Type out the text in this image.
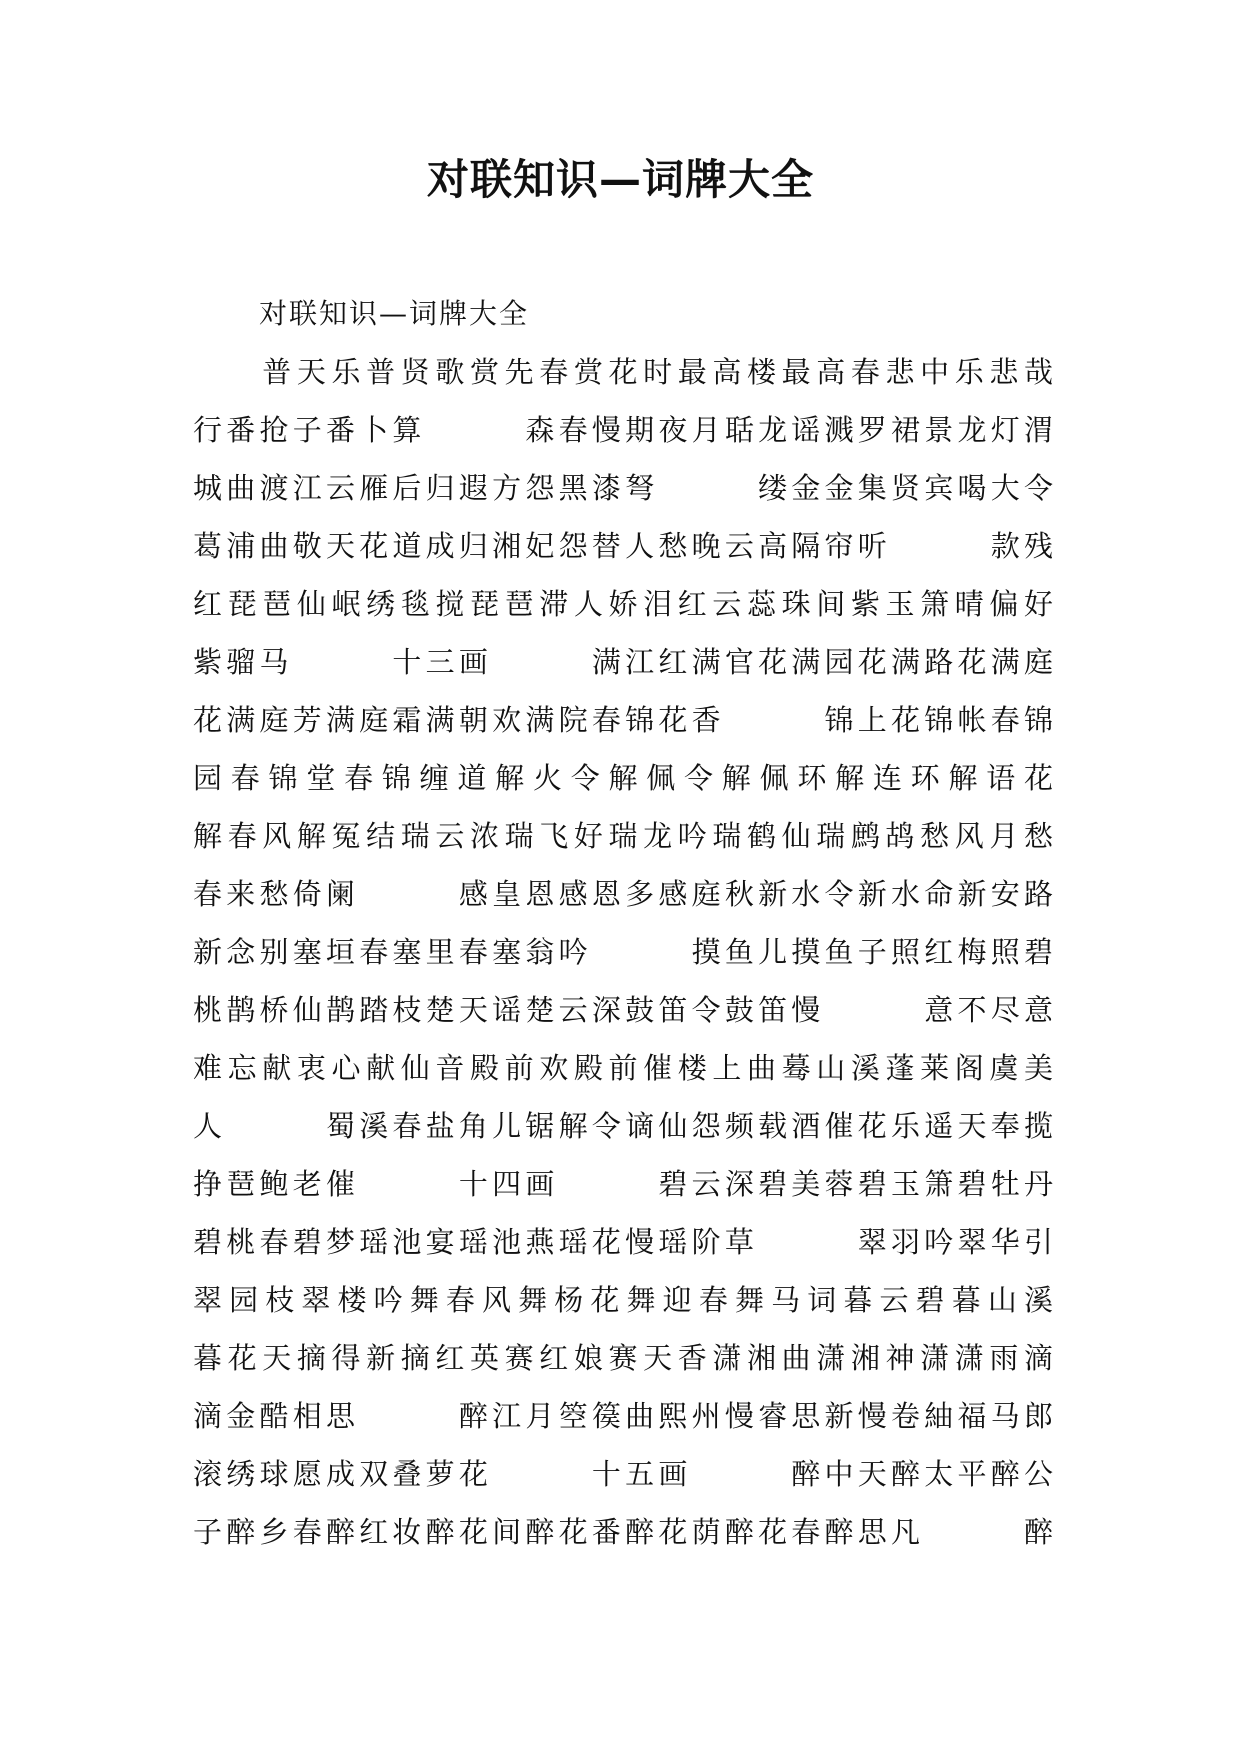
对联知识—词牌大全

对联知识—词牌大全

　　普天乐普贤歌赏先春赏花时最高楼最高春悲中乐悲哉
行番抢子番卜算　　　森春慢期夜月聒龙谣溅罗裙景龙灯渭
城曲渡江云雁后归遐方怨黑漆弩　　　缕金金集贤宾喝大令
葛浦曲敬天花道成归湘妃怨替人愁晚云高隔帘听　　　款残
红琵琶仙岷绣毯搅琵琶滞人娇泪红云蕊珠间紫玉箫晴偏好
紫骝马　　　十三画　　　满江红满官花满园花满路花满庭
花满庭芳满庭霜满朝欢满院春锦花香　　　锦上花锦帐春锦
园春锦堂春锦缠道解火令解佩令解佩环解连环解语花
解春风解冤结瑞云浓瑞飞好瑞龙吟瑞鹤仙瑞鹧鸪愁风月愁
春来愁倚阑　　　感皇恩感恩多感庭秋新水令新水命新安路
新念别塞垣春塞里春塞翁吟　　　摸鱼儿摸鱼子照红梅照碧
桃鹊桥仙鹊踏枝楚天谣楚云深鼓笛令鼓笛慢　　　意不尽意
难忘献衷心献仙音殿前欢殿前催楼上曲蓦山溪蓬莱阁虞美
人　　　蜀溪春盐角儿锯解令谪仙怨频载酒催花乐遥天奉揽
挣琶鲍老催　　　十四画　　　碧云深碧美蓉碧玉箫碧牡丹
碧桃春碧梦瑶池宴瑶池燕瑶花慢瑶阶草　　　翠羽吟翠华引
翠园枝翠楼吟舞春风舞杨花舞迎春舞马词暮云碧暮山溪
暮花天摘得新摘红英赛红娘赛天香潇湘曲潇湘神潇潇雨滴
滴金酷相思　　　醉江月箜篌曲熙州慢睿思新慢卷紬福马郎
滚绣球愿成双叠萝花　　　十五画　　　醉中天醉太平醉公
子醉乡春醉红妆醉花间醉花番醉花荫醉花春醉思凡　　　醉
